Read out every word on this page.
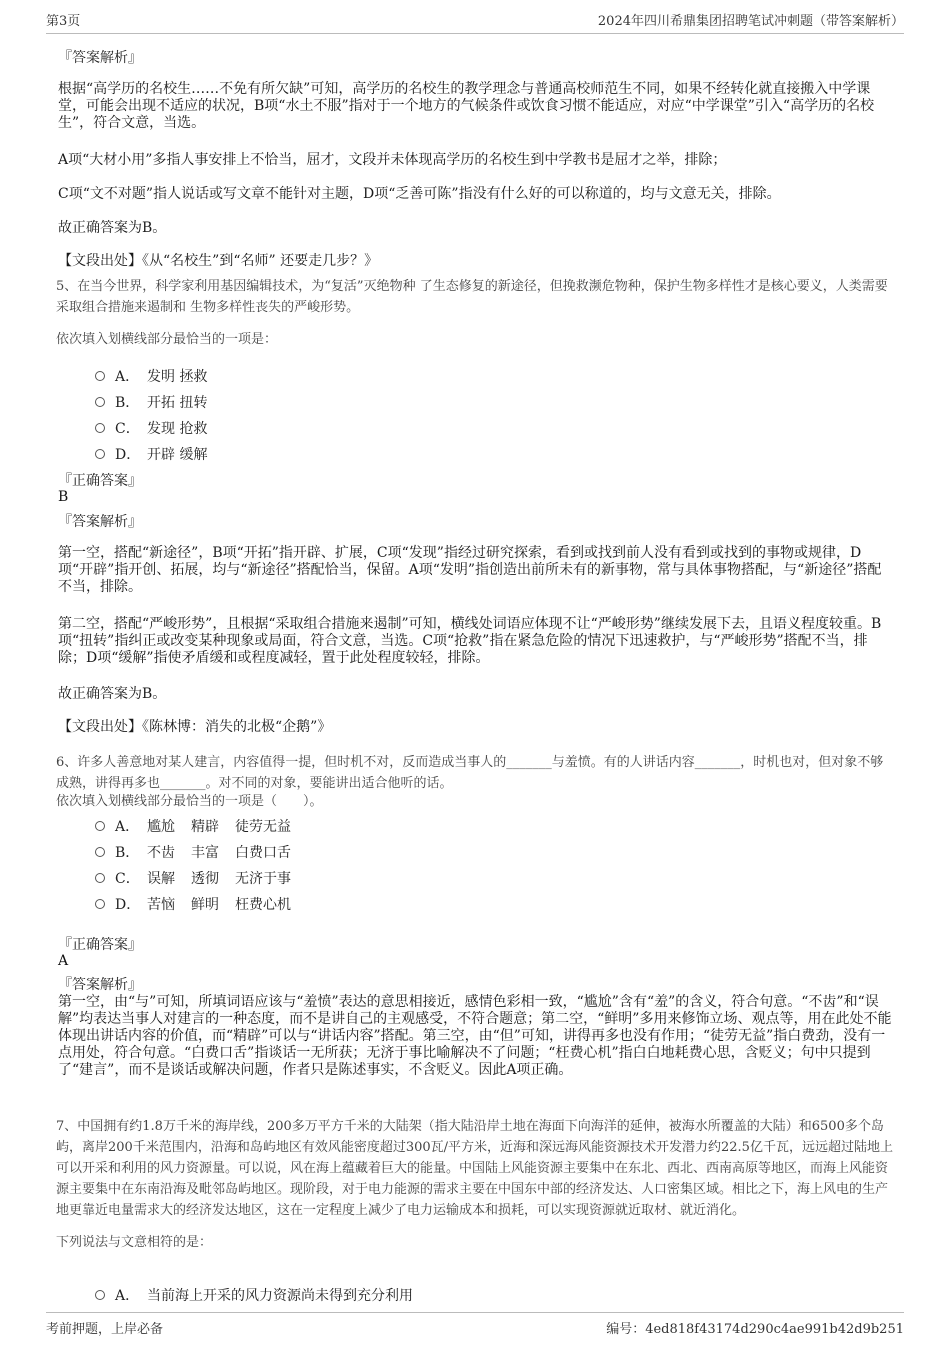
第3页	2024年四川希鼎集团招聘笔试冲刺题（带答案解析）
『答案解析』
根据“高学历的名校生……不免有所欠缺”可知，高学历的名校生的教学理念与普通高校师范生不同，如果不经转化就直接搬入中学课堂，可能会出现不适应的状况，B项“水土不服”指对于一个地方的气候条件或饮食习惯不能适应，对应“中学课堂”引入“高学历的名校生”，符合文意，当选。
A项“大材小用”多指人事安排上不恰当，屈才，文段并未体现高学历的名校生到中学教书是屈才之举，排除；
C项“文不对题”指人说话或写文章不能针对主题，D项“乏善可陈”指没有什么好的可以称道的，均与文意无关，排除。
故正确答案为B。
【文段出处】《从“名校生”到“名师” 还要走几步？》
5、在当今世界，科学家利用基因编辑技术，为“复活”灭绝物种 了生态修复的新途径，但挽救濒危物种，保护生物多样性才是核心要义，人类需要采取组合措施来遏制和 生物多样性丧失的严峻形势。
依次填入划横线部分最恰当的一项是：
A． 发明 拯救
B． 开拓 扭转
C． 发现 抢救
D． 开辟 缓解
『正确答案』
B
『答案解析』
第一空，搭配“新途径”，B项“开拓”指开辟、扩展，C项“发现”指经过研究探索，看到或找到前人没有看到或找到的事物或规律，D项“开辟”指开创、拓展，均与“新途径”搭配恰当，保留。A项“发明”指创造出前所未有的新事物，常与具体事物搭配，与“新途径”搭配不当，排除。
第二空，搭配“严峻形势”，且根据“采取组合措施来遏制”可知，横线处词语应体现不让“严峻形势”继续发展下去，且语义程度较重。B项“扭转”指纠正或改变某种现象或局面，符合文意，当选。C项“抢救”指在紧急危险的情况下迅速救护，与“严峻形势”搭配不当，排除；D项“缓解”指使矛盾缓和或程度减轻，置于此处程度较轻，排除。
故正确答案为B。
【文段出处】《陈林博：消失的北极“企鹅”》
6、许多人善意地对某人建言，内容值得一提，但时机不对，反而造成当事人的_______与羞愤。有的人讲话内容_______，时机也对，但对象不够成熟，讲得再多也_______。对不同的对象，要能讲出适合他听的话。
依次填入划横线部分最恰当的一项是（　　）。
A． 尴尬 精辟 徒劳无益
B． 不齿 丰富 白费口舌
C． 误解 透彻 无济于事
D． 苦恼 鲜明 枉费心机
『正确答案』
A
『答案解析』
第一空，由“与”可知，所填词语应该与“羞愤”表达的意思相接近，感情色彩相一致，“尴尬”含有“羞”的含义，符合句意。“不齿”和“误解”均表达当事人对建言的一种态度，而不是讲自己的主观感受，不符合题意；第二空，“鲜明”多用来修饰立场、观点等，用在此处不能体现出讲话内容的价值，而“精辟”可以与“讲话内容”搭配。第三空，由“但”可知，讲得再多也没有作用；“徒劳无益”指白费劲，没有一点用处，符合句意。“白费口舌”指谈话一无所获；无济于事比喻解决不了问题；“枉费心机”指白白地耗费心思，含贬义；句中只提到了“建言”，而不是谈话或解决问题，作者只是陈述事实，不含贬义。因此A项正确。
7、中国拥有约1.8万千米的海岸线，200多万平方千米的大陆架（指大陆沿岸土地在海面下向海洋的延伸，被海水所覆盖的大陆）和6500多个岛屿，离岸200千米范围内，沿海和岛屿地区有效风能密度超过300瓦/平方米，近海和深远海风能资源技术开发潜力约22.5亿千瓦，远远超过陆地上可以开采和利用的风力资源量。可以说，风在海上蕴藏着巨大的能量。中国陆上风能资源主要集中在东北、西北、西南高原等地区，而海上风能资源主要集中在东南沿海及毗邻岛屿地区。现阶段，对于电力能源的需求主要在中国东中部的经济发达、人口密集区域。相比之下，海上风电的生产地更靠近电量需求大的经济发达地区，这在一定程度上减少了电力运输成本和损耗，可以实现资源就近取材、就近消化。
下列说法与文意相符的是：
A． 当前海上开采的风力资源尚未得到充分利用
考前押题，上岸必备	编号：4ed818f43174d290c4ae991b42d9b251
